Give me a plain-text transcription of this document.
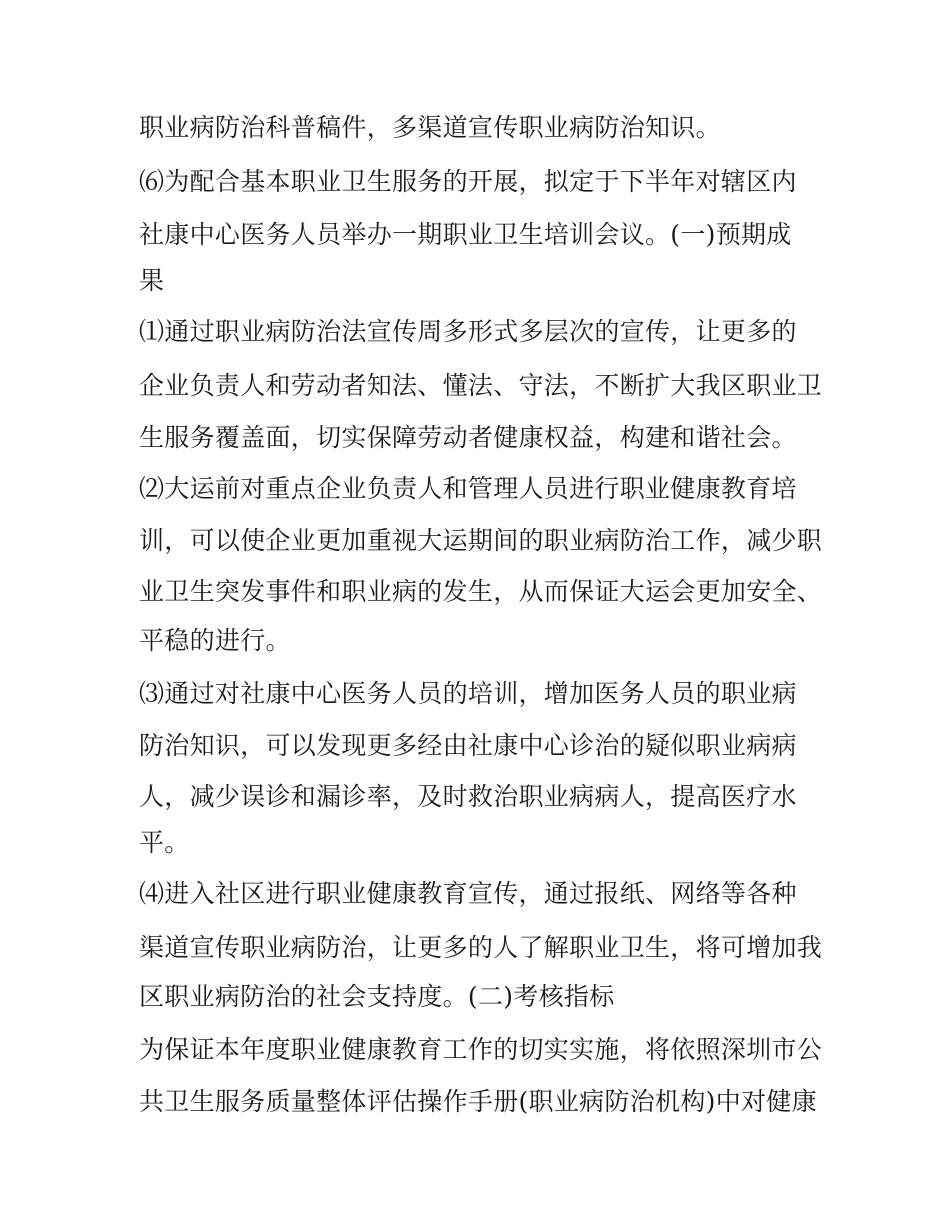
职业病防治科普稿件，多渠道宣传职业病防治知识。

⑹为配合基本职业卫生服务的开展，拟定于下半年对辖区内

社康中心医务人员举办一期职业卫生培训会议。(一)预期成

果

⑴通过职业病防治法宣传周多形式多层次的宣传，让更多的

企业负责人和劳动者知法、懂法、守法，不断扩大我区职业卫

生服务覆盖面，切实保障劳动者健康权益，构建和谐社会。

⑵大运前对重点企业负责人和管理人员进行职业健康教育培

训，可以使企业更加重视大运期间的职业病防治工作，减少职

业卫生突发事件和职业病的发生，从而保证大运会更加安全、

平稳的进行。

⑶通过对社康中心医务人员的培训，增加医务人员的职业病

防治知识，可以发现更多经由社康中心诊治的疑似职业病病

人，减少误诊和漏诊率，及时救治职业病病人，提高医疗水

平。

⑷进入社区进行职业健康教育宣传，通过报纸、网络等各种

渠道宣传职业病防治，让更多的人了解职业卫生，将可增加我

区职业病防治的社会支持度。(二)考核指标

为保证本年度职业健康教育工作的切实实施，将依照深圳市公

共卫生服务质量整体评估操作手册(职业病防治机构)中对健康
